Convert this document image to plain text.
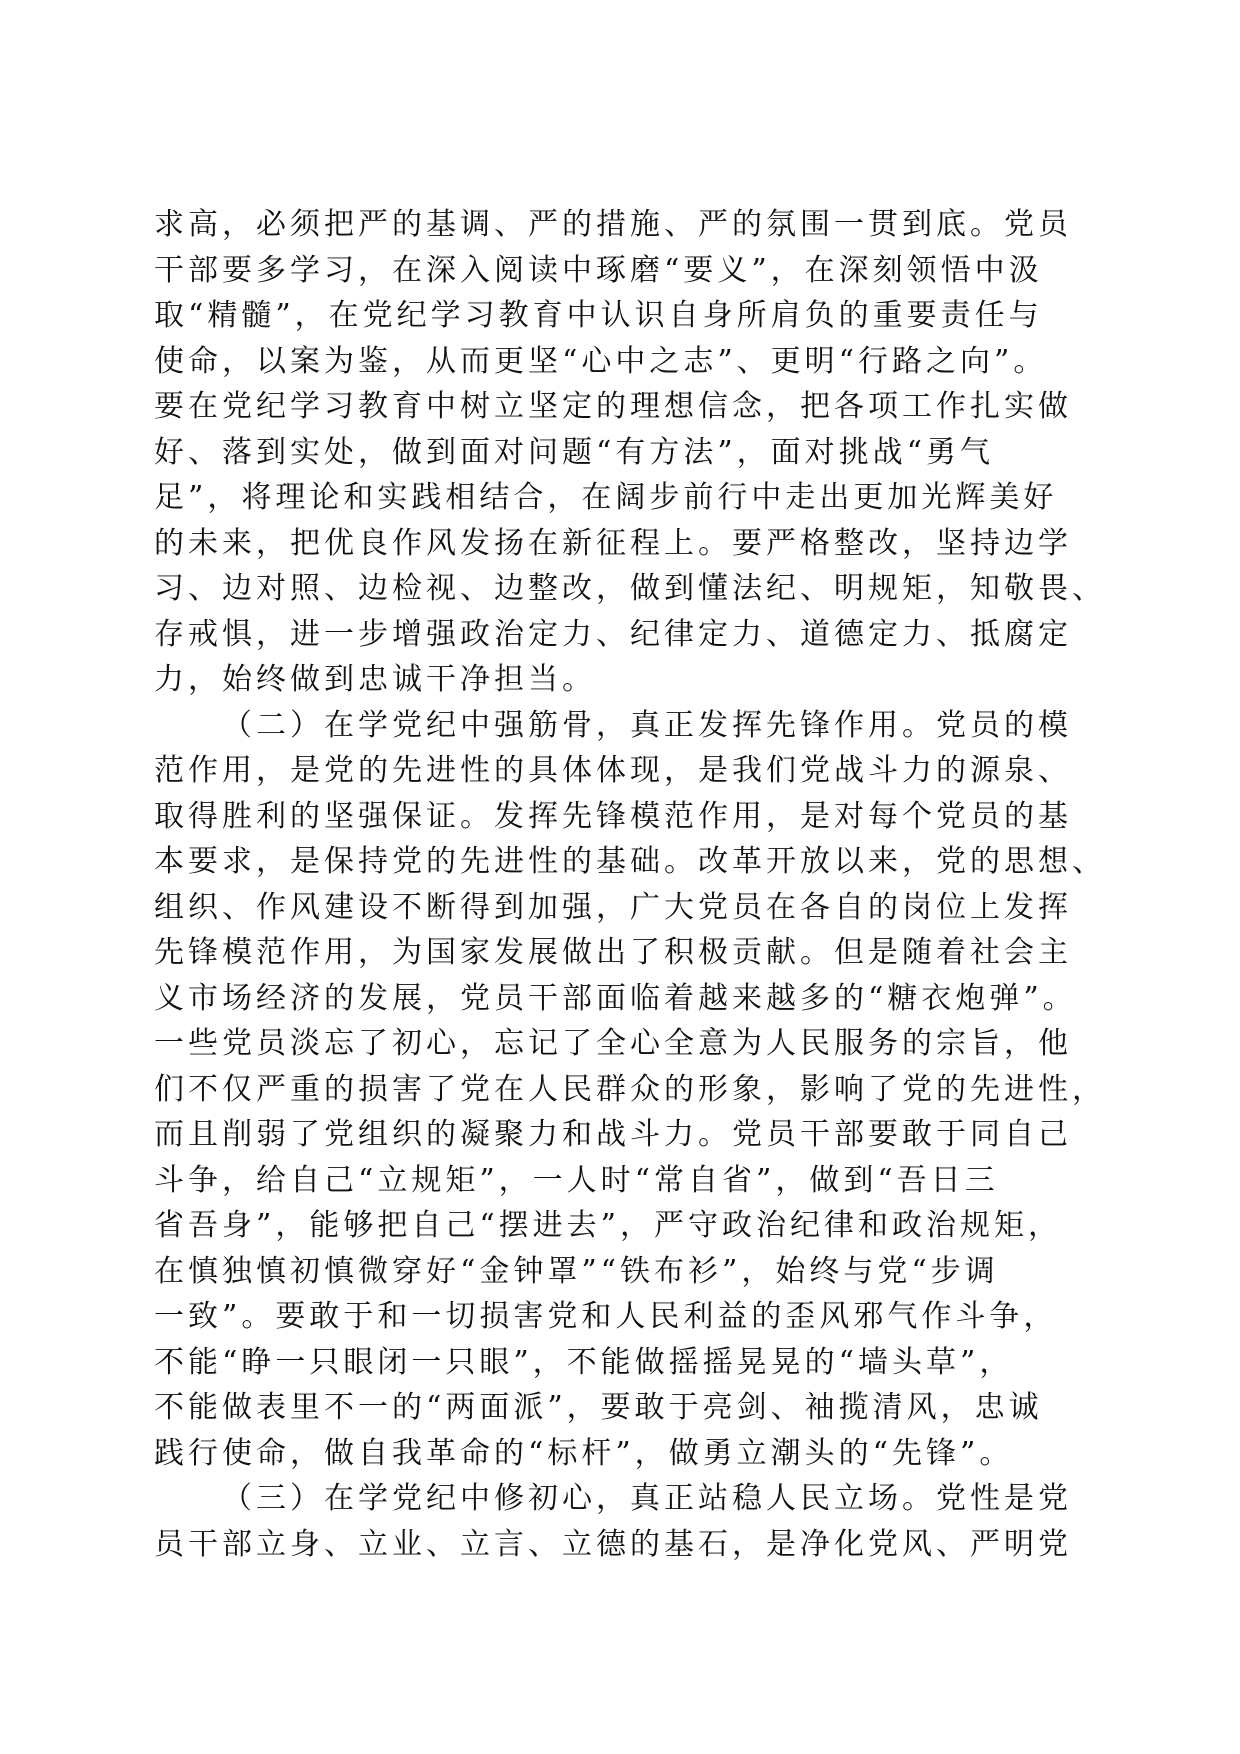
求高，必须把严的基调、严的措施、严的氛围一贯到底。党员
干部要多学习，在深入阅读中琢磨“要义”，在深刻领悟中汲
取“精髓”，在党纪学习教育中认识自身所肩负的重要责任与
使命，以案为鉴，从而更坚“心中之志”、更明“行路之向”。
要在党纪学习教育中树立坚定的理想信念，把各项工作扎实做
好、落到实处，做到面对问题“有方法”，面对挑战“勇气
足”，将理论和实践相结合，在阔步前行中走出更加光辉美好
的未来，把优良作风发扬在新征程上。要严格整改，坚持边学
习、边对照、边检视、边整改，做到懂法纪、明规矩，知敬畏、
存戒惧，进一步增强政治定力、纪律定力、道德定力、抵腐定
力，始终做到忠诚干净担当。
（二）在学党纪中强筋骨，真正发挥先锋作用。党员的模
范作用，是党的先进性的具体体现，是我们党战斗力的源泉、
取得胜利的坚强保证。发挥先锋模范作用，是对每个党员的基
本要求，是保持党的先进性的基础。改革开放以来，党的思想、
组织、作风建设不断得到加强，广大党员在各自的岗位上发挥
先锋模范作用，为国家发展做出了积极贡献。但是随着社会主
义市场经济的发展，党员干部面临着越来越多的“糖衣炮弹”。
一些党员淡忘了初心，忘记了全心全意为人民服务的宗旨，他
们不仅严重的损害了党在人民群众的形象，影响了党的先进性，
而且削弱了党组织的凝聚力和战斗力。党员干部要敢于同自己
斗争，给自己“立规矩”，一人时“常自省”，做到“吾日三
省吾身”，能够把自己“摆进去”，严守政治纪律和政治规矩，
在慎独慎初慎微穿好“金钟罩”“铁布衫”，始终与党“步调
一致”。要敢于和一切损害党和人民利益的歪风邪气作斗争，
不能“睁一只眼闭一只眼”，不能做摇摇晃晃的“墙头草”，
不能做表里不一的“两面派”，要敢于亮剑、袖揽清风，忠诚
践行使命，做自我革命的“标杆”，做勇立潮头的“先锋”。
（三）在学党纪中修初心，真正站稳人民立场。党性是党
员干部立身、立业、立言、立德的基石，是净化党风、严明党
